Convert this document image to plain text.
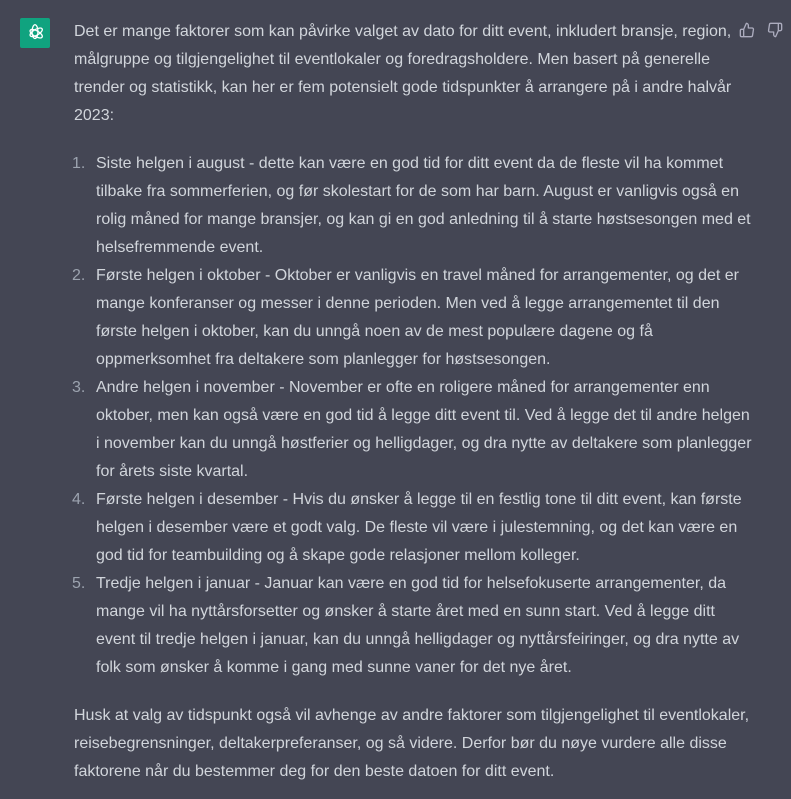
Det er mange faktorer som kan påvirke valget av dato for ditt event, inkludert bransje, region, målgruppe og tilgjengelighet til eventlokaler og foredragsholdere. Men basert på generelle trender og statistikk, kan her er fem potensielt gode tidspunkter å arrangere på i andre halvår 2023:

1. Siste helgen i august - dette kan være en god tid for ditt event da de fleste vil ha kommet tilbake fra sommerferien, og før skolestart for de som har barn. August er vanligvis også en rolig måned for mange bransjer, og kan gi en god anledning til å starte høstsesongen med et helsefremmende event.
2. Første helgen i oktober - Oktober er vanligvis en travel måned for arrangementer, og det er mange konferanser og messer i denne perioden. Men ved å legge arrangementet til den første helgen i oktober, kan du unngå noen av de mest populære dagene og få oppmerksomhet fra deltakere som planlegger for høstsesongen.
3. Andre helgen i november - November er ofte en roligere måned for arrangementer enn oktober, men kan også være en god tid å legge ditt event til. Ved å legge det til andre helgen i november kan du unngå høstferier og helligdager, og dra nytte av deltakere som planlegger for årets siste kvartal.
4. Første helgen i desember - Hvis du ønsker å legge til en festlig tone til ditt event, kan første helgen i desember være et godt valg. De fleste vil være i julestemning, og det kan være en god tid for teambuilding og å skape gode relasjoner mellom kolleger.
5. Tredje helgen i januar - Januar kan være en god tid for helsefokuserte arrangementer, da mange vil ha nyttårsforsetter og ønsker å starte året med en sunn start. Ved å legge ditt event til tredje helgen i januar, kan du unngå helligdager og nyttårsfeiringer, og dra nytte av folk som ønsker å komme i gang med sunne vaner for det nye året.

Husk at valg av tidspunkt også vil avhenge av andre faktorer som tilgjengelighet til eventlokaler, reisebegrensninger, deltakerpreferanser, og så videre. Derfor bør du nøye vurdere alle disse faktorene når du bestemmer deg for den beste datoen for ditt event.
